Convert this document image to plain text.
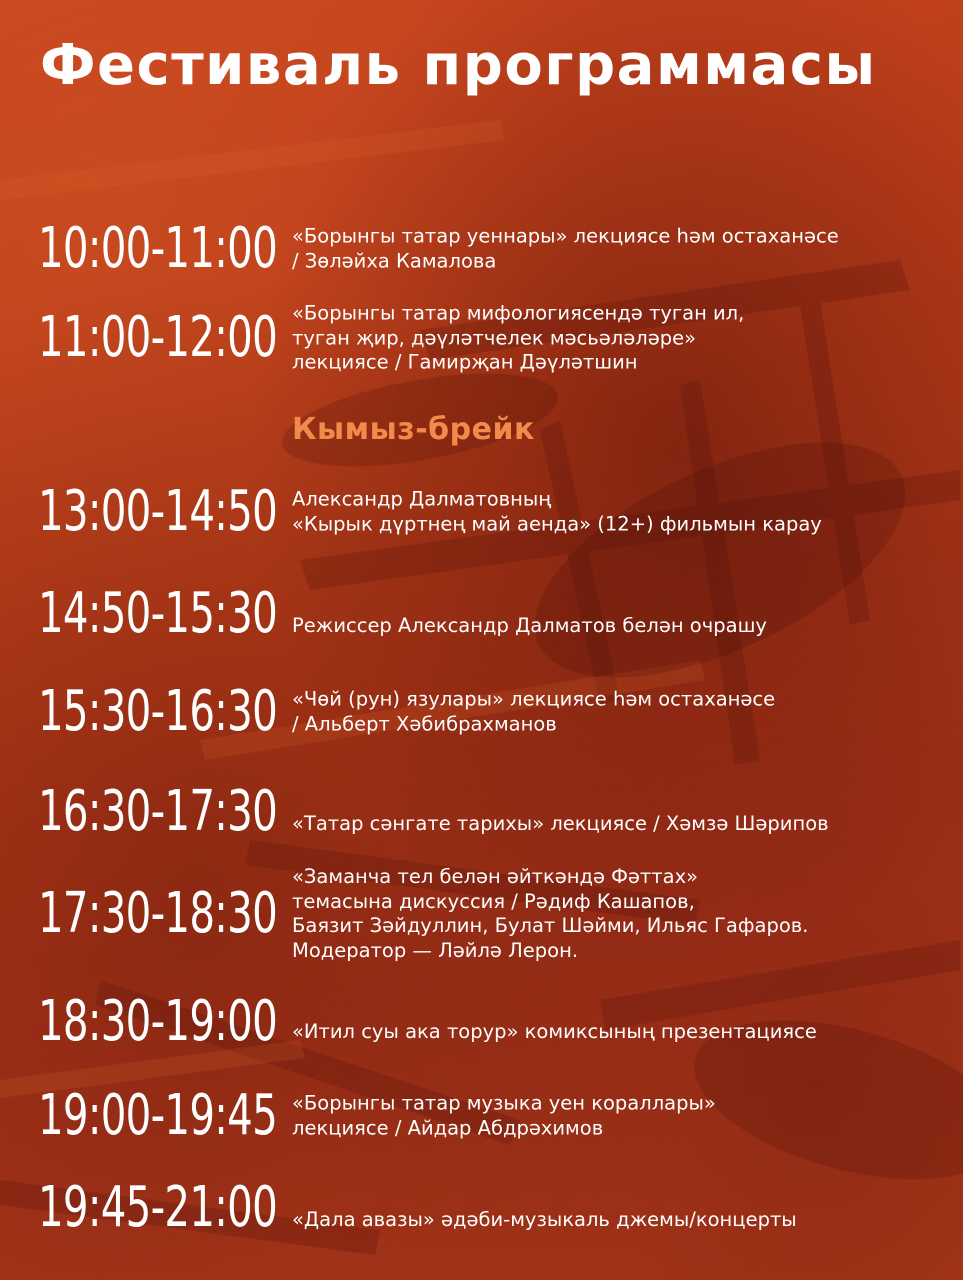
Фестиваль программасы
10:00-11:00 «Борынгы татар уеннары» лекциясе һәм остаханәсе
/ Зөләйха Камалова
11:00-12:00 «Борынгы татар мифологиясендә туган ил,
туган җир, дәүләтчелек мәсьәләләре»
лекциясе / Гамирҗан Дәүләтшин
Кымыз-брейк
13:00-14:50 Александр Далматовның
«Кырык дүртнең май аенда» (12+) фильмын карау
14:50-15:30 Режиссер Александр Далматов белән очрашу
15:30-16:30 «Чөй (рун) язулары» лекциясе һәм остаханәсе
/ Альберт Хәбибрахманов
16:30-17:30 «Татар сәнгате тарихы» лекциясе / Хәмзә Шәрипов
17:30-18:30
«Заманча тел белән әйткәндә Фәттах»
темасына дискуссия / Рәдиф Кашапов,
Баязит Зәйдуллин, Булат Шәйми, Ильяс Гафаров.
Модератор — Ләйлә Лерон.
18:30-19:00 «Итил суы ака торур» комиксының презентациясе
19:00-19:45 «Борынгы татар музыка уен кораллары»
лекциясе / Айдар Абдрәхимов
19:45-21:00 «Дала авазы» әдәби-музыкаль джемы/концерты
